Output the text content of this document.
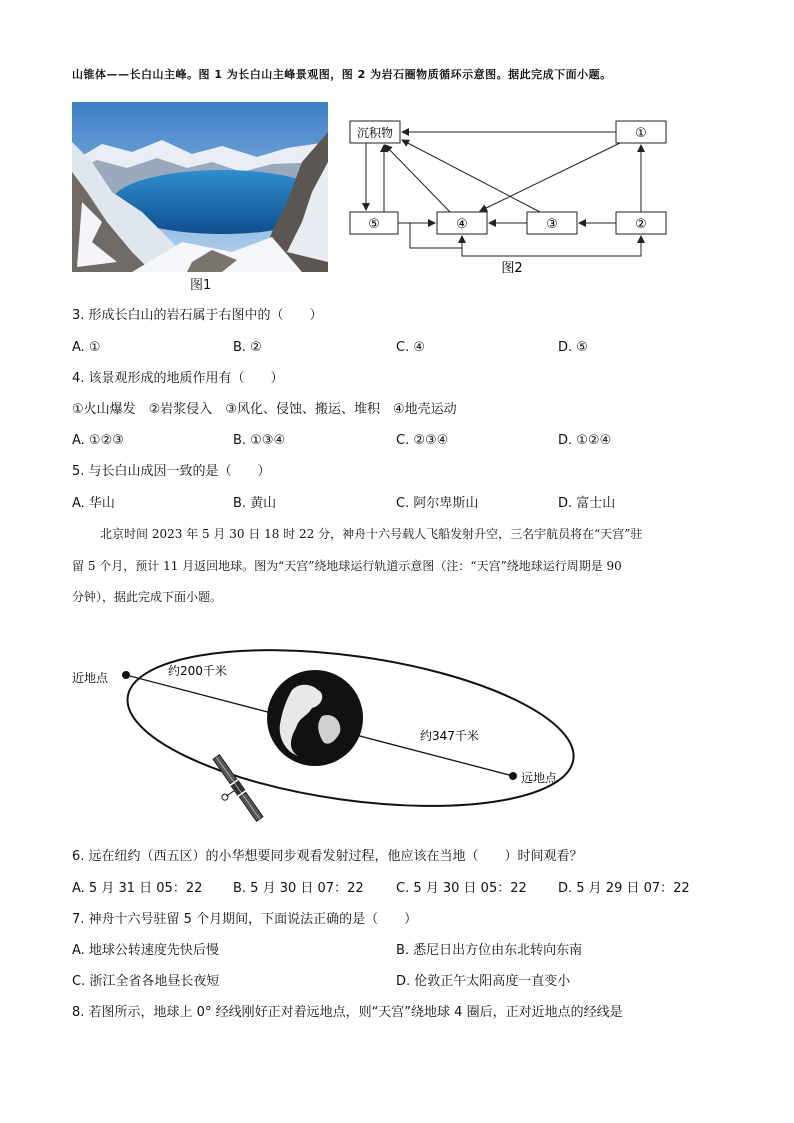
山锥体——长白山主峰。图 1 为长白山主峰景观图，图 2 为岩石圈物质循环示意图。据此完成下面小题。
图1
沉积物	①
⑤	④	③	②
图2
3. 形成长白山的岩石属于右图中的（　　）
A. ①	B. ②	C. ④	D. ⑤
4. 该景观形成的地质作用有（　　）
①火山爆发　②岩浆侵入　③风化、侵蚀、搬运、堆积　④地壳运动
A. ①②③	B. ①③④	C. ②③④	D. ①②④
5. 与长白山成因一致的是（　　）
A. 华山	B. 黄山	C. 阿尔卑斯山	D. 富士山
北京时间 2023 年 5 月 30 日 18 时 22 分，神舟十六号载人飞船发射升空，三名宇航员将在“天宫”驻
留 5 个月，预计 11 月返回地球。图为“天宫”绕地球运行轨道示意图（注：“天宫”绕地球运行周期是 90
分钟），据此完成下面小题。
近地点
远地点
约200千米
约347千米
6. 远在纽约（西五区）的小华想要同步观看发射过程，他应该在当地（　　）时间观看？
A. 5 月 31 日 05：22 B. 5 月 30 日 07：22 C. 5 月 30 日 05：22 D. 5 月 29 日 07：22
7. 神舟十六号驻留 5 个月期间，下面说法正确的是（　　）
A. 地球公转速度先快后慢	B. 悉尼日出方位由东北转向东南
C. 浙江全省各地昼长夜短	D. 伦敦正午太阳高度一直变小
8. 若图所示，地球上 0° 经线刚好正对着远地点，则“天宫”绕地球 4 圈后，正对近地点的经线是
